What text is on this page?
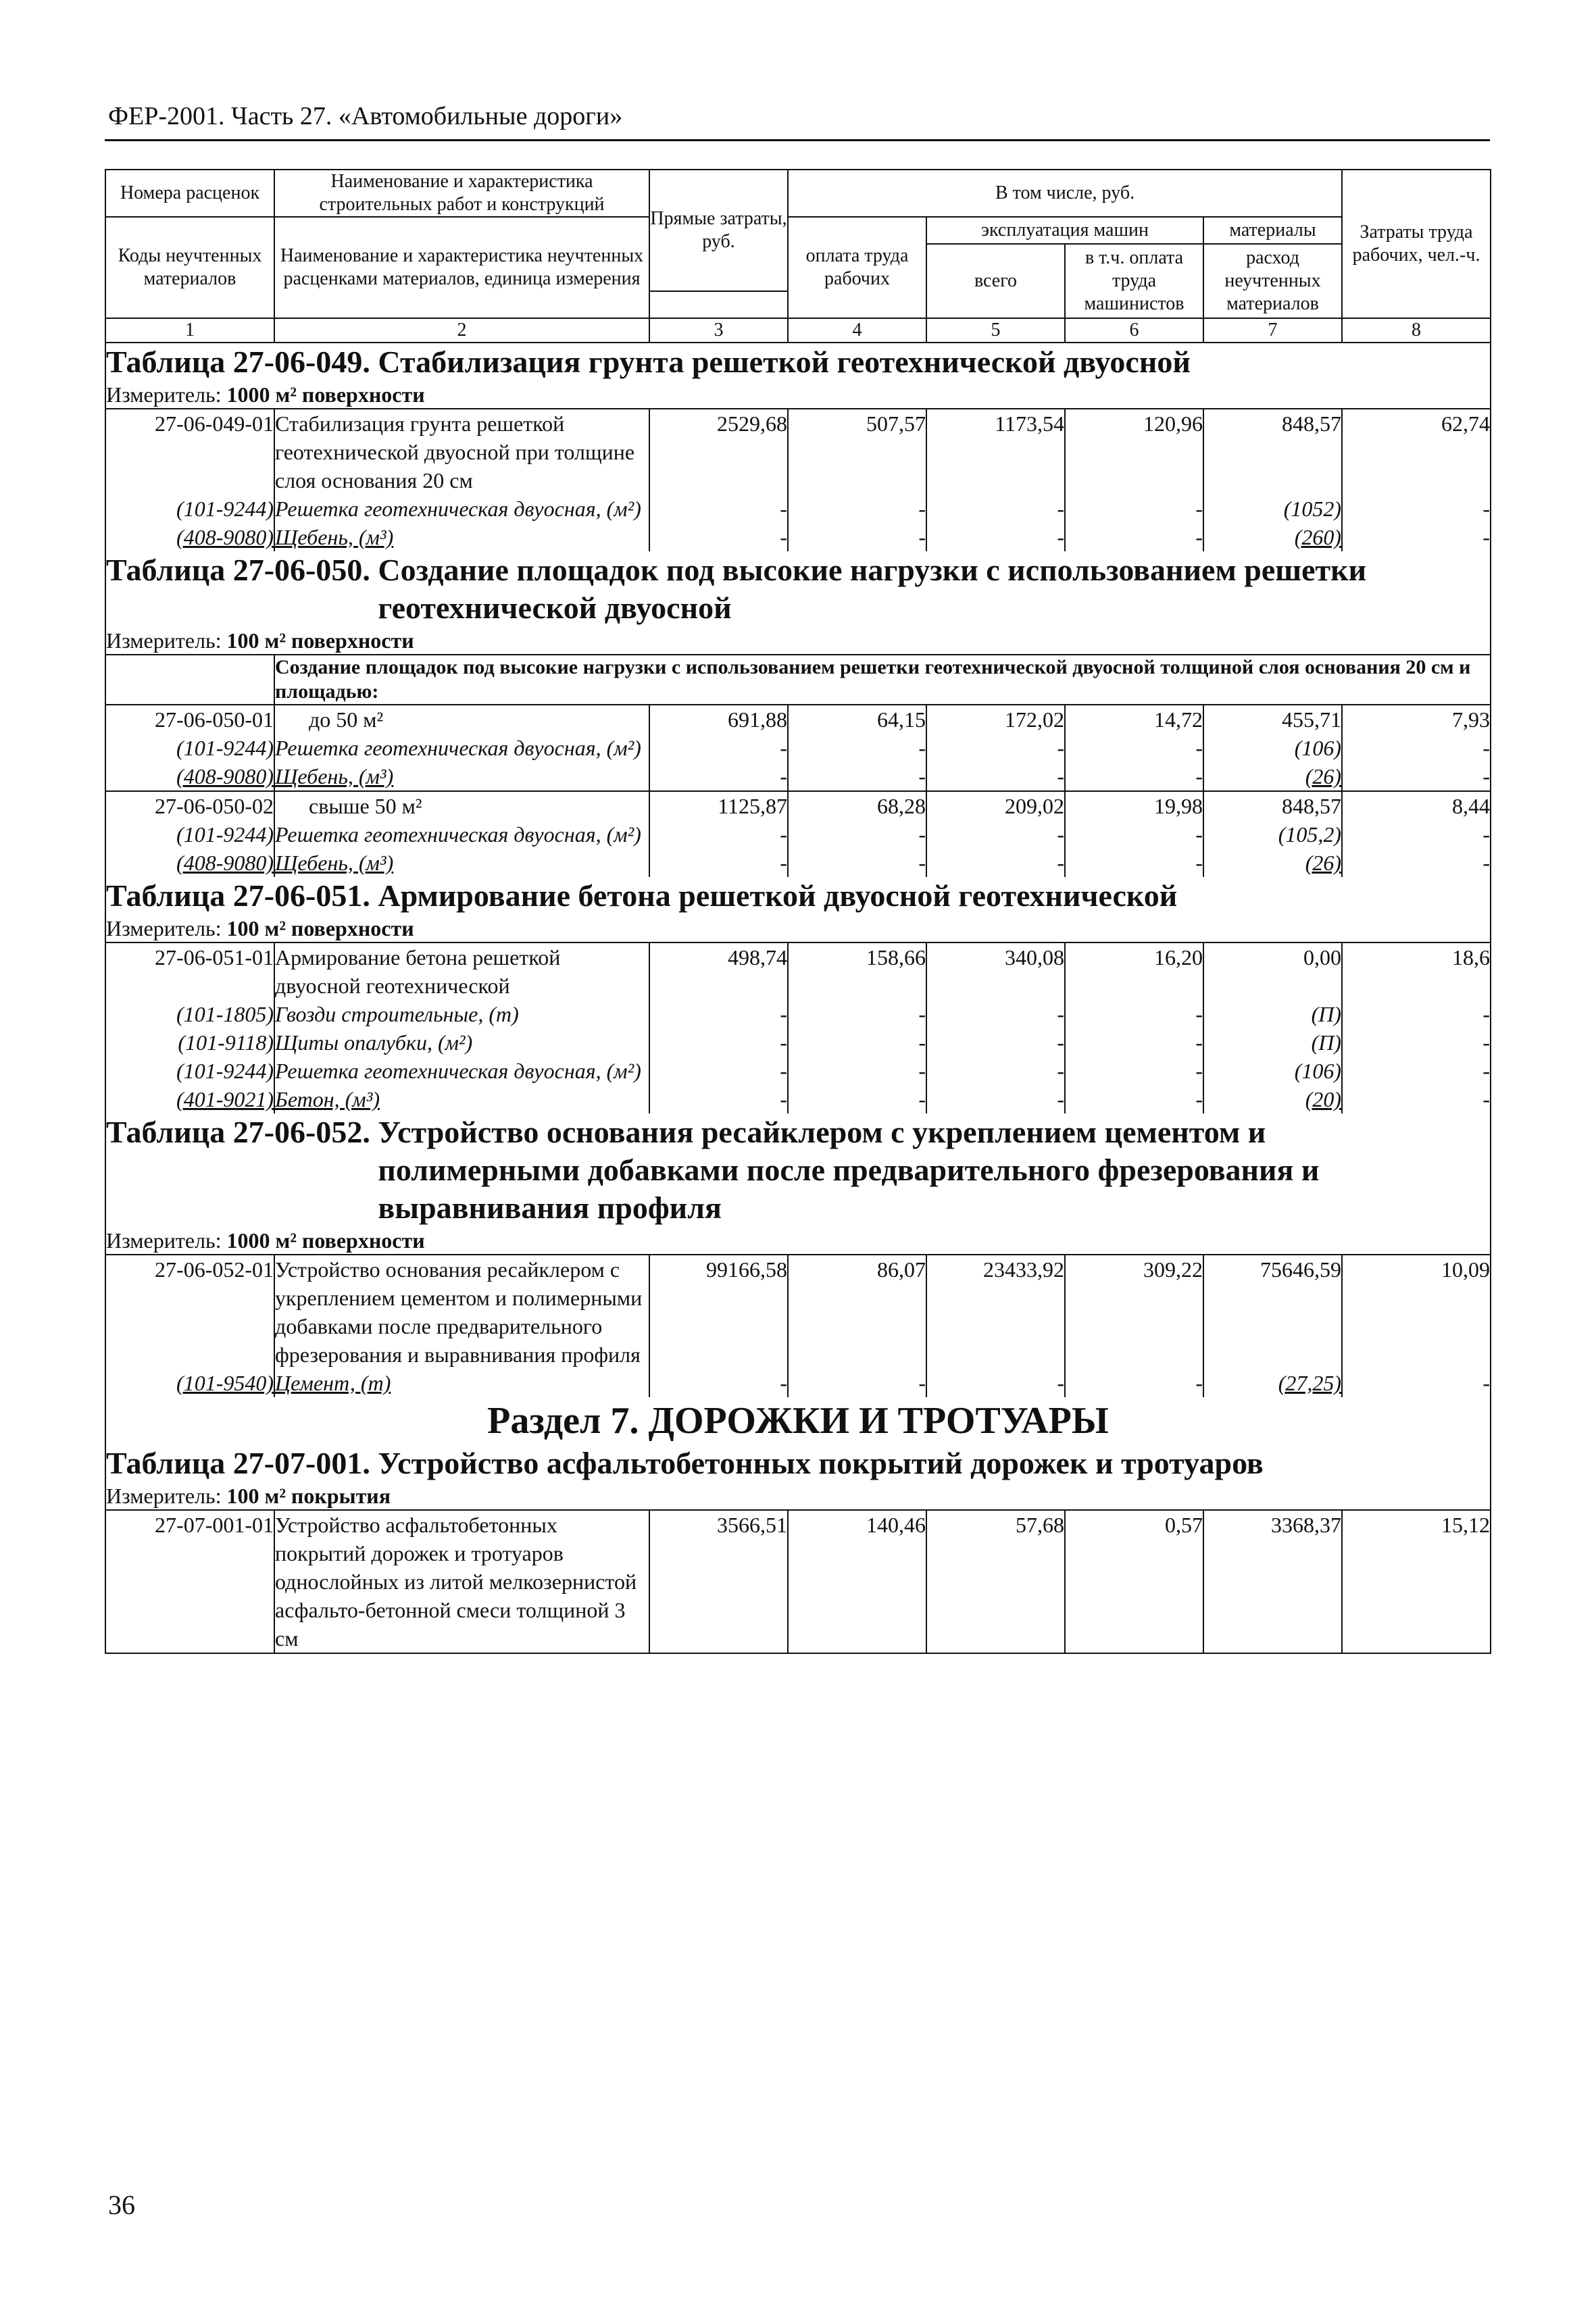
ФЕР-2001. Часть 27. «Автомобильные дороги»
Номера расценок	Наименование и характеристика строительных работ и конструкций	Прямые затраты, руб.	В том числе, руб.				Затраты труда рабочих, чел.-ч.
Коды неучтенных материалов	Наименование и характеристика неучтенных расценками материалов, единица измерения		оплата труда рабочих	эксплуатация машин		материалы	
				всего	в т.ч. оплата труда машинистов	расход неучтенных материалов	

1	2	3	4	5	6	7	8
Таблица 27-06-049. Стабилизация грунта решеткой геотехнической двуосной							
Измеритель: 1000 м² поверхности							
27-06-049-01	Стабилизация грунта решеткой геотехнической двуосной при толщине слоя основания 20 см	2529,68	507,57	1173,54	120,96	848,57	62,74
(101-9244)	Решетка геотехническая двуосная, (м²)	-	-	-	-	(1052)	-
(408-9080)	Щебень, (м³)	-	-	-	-	(260)	-
Таблица 27-06-050. Создание площадок под высокие нагрузки с использованием решетки геотехнической двуосной							
Измеритель: 100 м² поверхности							
	Создание площадок под высокие нагрузки с использованием решетки геотехнической двуосной толщиной слоя основания 20 см и площадью:						
27-06-050-01	до 50 м²	691,88	64,15	172,02	14,72	455,71	7,93
(101-9244)	Решетка геотехническая двуосная, (м²)	-	-	-	-	(106)	-
(408-9080)	Щебень, (м³)	-	-	-	-	(26)	-
27-06-050-02	свыше 50 м²	1125,87	68,28	209,02	19,98	848,57	8,44
(101-9244)	Решетка геотехническая двуосная, (м²)	-	-	-	-	(105,2)	-
(408-9080)	Щебень, (м³)	-	-	-	-	(26)	-
Таблица 27-06-051. Армирование бетона решеткой двуосной геотехнической							
Измеритель: 100 м² поверхности							
27-06-051-01	Армирование бетона решеткой двуосной геотехнической	498,74	158,66	340,08	16,20	0,00	18,6
(101-1805)	Гвозди строительные, (т)	-	-	-	-	(П)	-
(101-9118)	Щиты опалубки, (м²)	-	-	-	-	(П)	-
(101-9244)	Решетка геотехническая двуосная, (м²)	-	-	-	-	(106)	-
(401-9021)	Бетон, (м³)	-	-	-	-	(20)	-
Таблица 27-06-052. Устройство основания ресайклером с укреплением цементом и полимерными добавками после предварительного фрезерования и выравнивания профиля							
Измеритель: 1000 м² поверхности							
27-06-052-01	Устройство основания ресайклером с укреплением цементом и полимерными добавками после предварительного фрезерования и выравнивания профиля	99166,58	86,07	23433,92	309,22	75646,59	10,09
(101-9540)	Цемент, (т)	-	-	-	-	(27,25)	-
Раздел 7. ДОРОЖКИ И ТРОТУАРЫ							
Таблица 27-07-001. Устройство асфальтобетонных покрытий дорожек и тротуаров							
Измеритель: 100 м² покрытия							
27-07-001-01	Устройство асфальтобетонных покрытий дорожек и тротуаров однослойных из литой мелкозернистой асфальто-бетонной смеси толщиной 3 см	3566,51	140,46	57,68	0,57	3368,37	15,12
36
